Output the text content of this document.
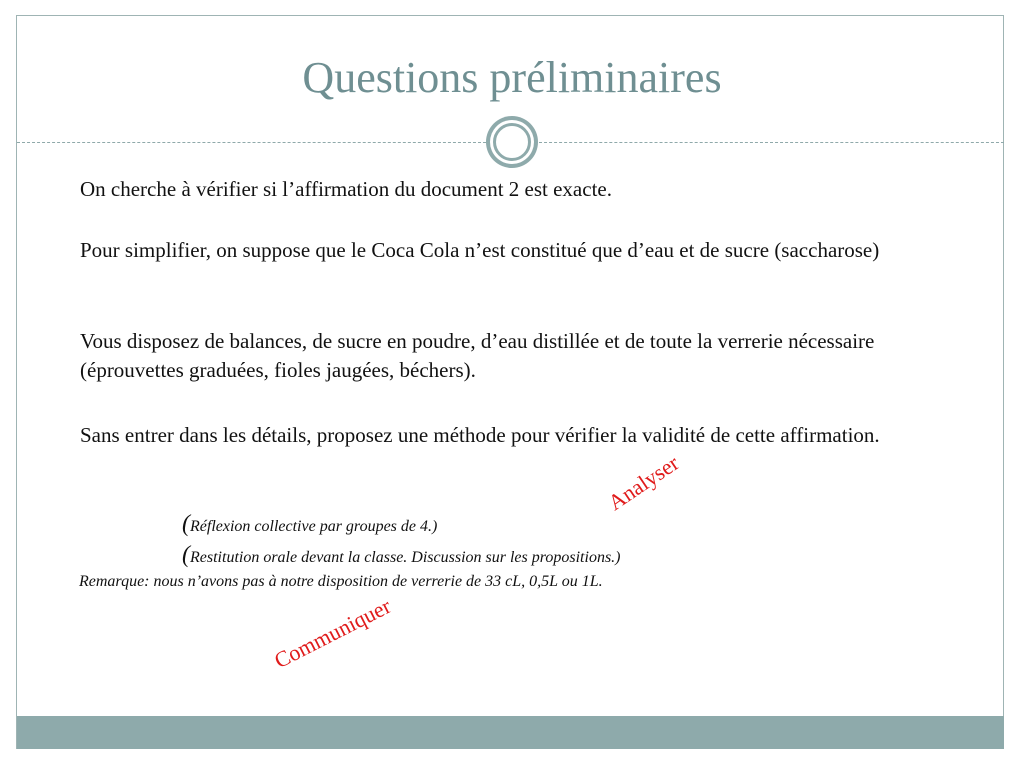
Questions préliminaires

On cherche à vérifier si l’affirmation du document 2 est exacte.

Pour simplifier, on suppose que le Coca Cola n’est constitué que d’eau et de sucre (saccharose)

Vous disposez de balances, de sucre en poudre, d’eau distillée et de toute la verrerie nécessaire (éprouvettes graduées, fioles jaugées, béchers).

Sans entrer dans les détails, proposez une méthode pour vérifier la validité de cette affirmation.

(Réflexion collective par groupes de 4.)
(Restitution orale devant la classe. Discussion sur les propositions.)
Remarque: nous n’avons pas à notre disposition de verrerie de 33 cL, 0,5L ou 1L.
Analyser
Communiquer
